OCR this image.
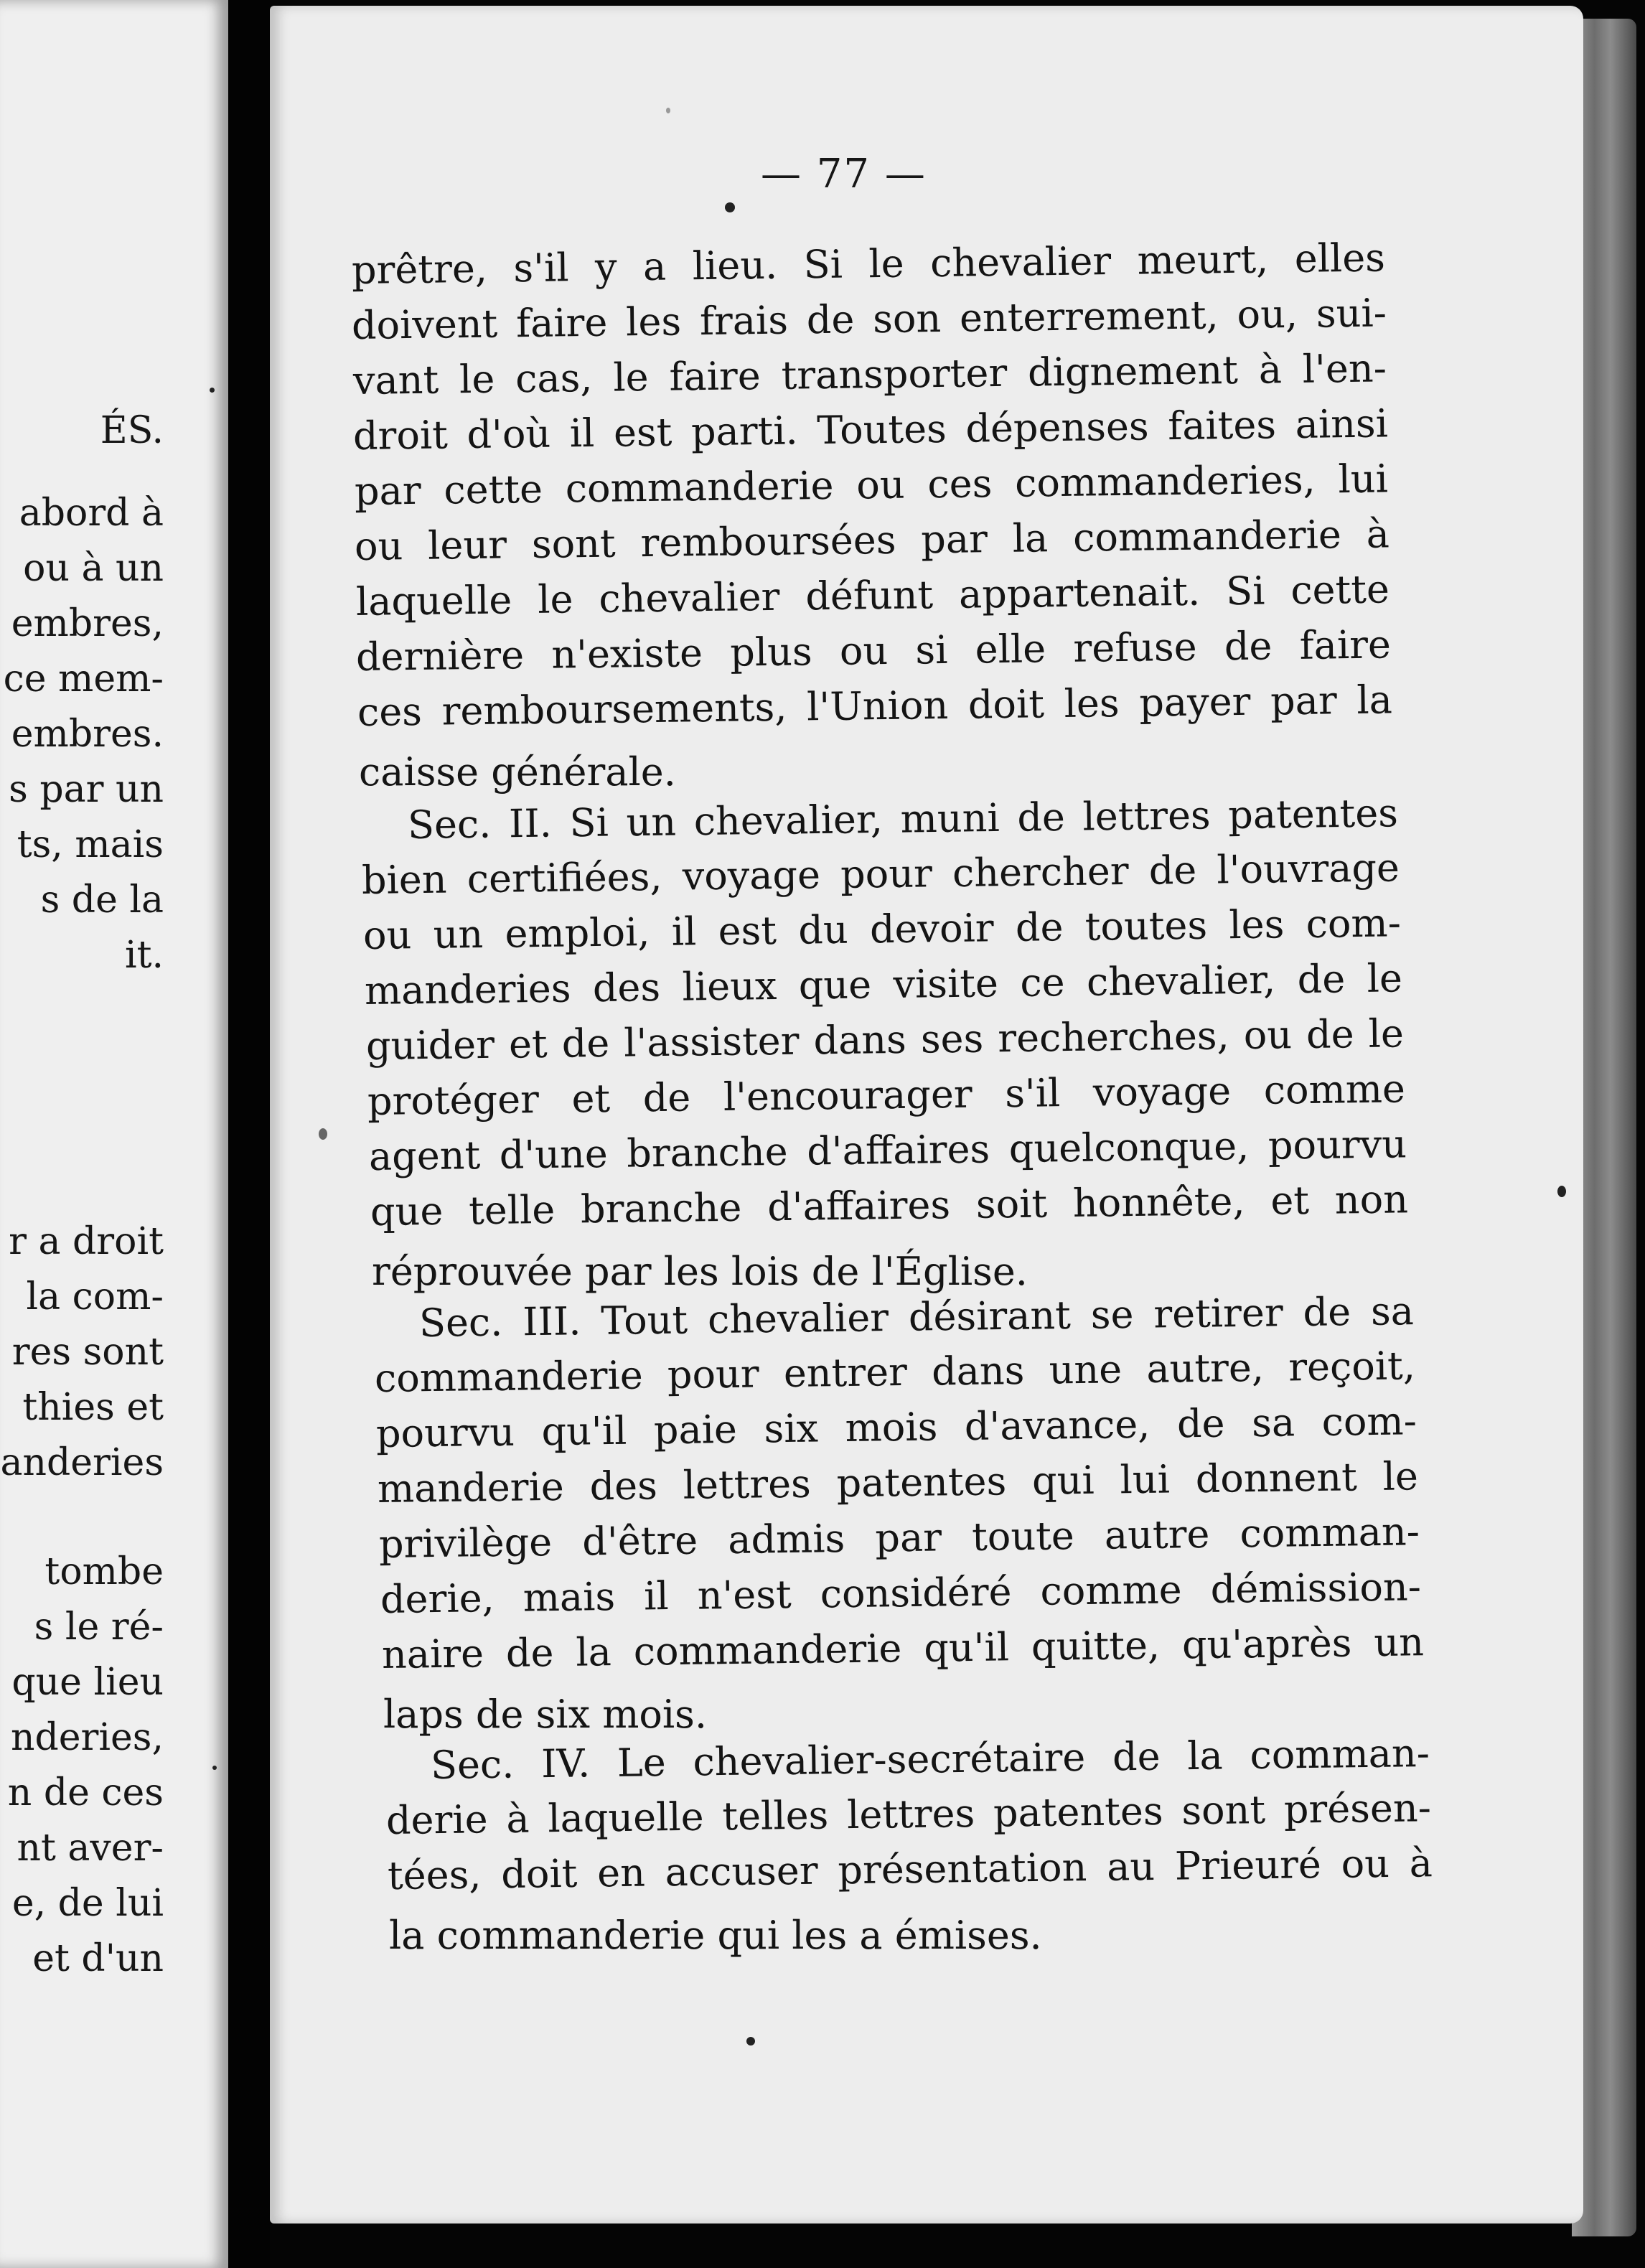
ÉS.
abord à
ou à un
embres,
ce mem-
embres.
s par un
ts, mais
s de la
it.
r a droit
la com-
res sont
thies et
anderies
tombe
s le ré-
que lieu
nderies,
n de ces
nt aver-
e, de lui
et d'un
— 77 —
prêtre, s'il y a lieu. Si le chevalier meurt, elles
doivent faire les frais de son enterrement, ou, sui-
vant le cas, le faire transporter dignement à l'en-
droit d'où il est parti. Toutes dépenses faites ainsi
par cette commanderie ou ces commanderies, lui
ou leur sont remboursées par la commanderie à
laquelle le chevalier défunt appartenait. Si cette
dernière n'existe plus ou si elle refuse de faire
ces remboursements, l'Union doit les payer par la
caisse générale.
Sec. II. Si un chevalier, muni de lettres patentes
bien certifiées, voyage pour chercher de l'ouvrage
ou un emploi, il est du devoir de toutes les com-
manderies des lieux que visite ce chevalier, de le
guider et de l'assister dans ses recherches, ou de le
protéger et de l'encourager s'il voyage comme
agent d'une branche d'affaires quelconque, pourvu
que telle branche d'affaires soit honnête, et non
réprouvée par les lois de l'Église.
Sec. III. Tout chevalier désirant se retirer de sa
commanderie pour entrer dans une autre, reçoit,
pourvu qu'il paie six mois d'avance, de sa com-
manderie des lettres patentes qui lui donnent le
privilège d'être admis par toute autre comman-
derie, mais il n'est considéré comme démission-
naire de la commanderie qu'il quitte, qu'après un
laps de six mois.
Sec. IV. Le chevalier-secrétaire de la comman-
derie à laquelle telles lettres patentes sont présen-
tées, doit en accuser présentation au Prieuré ou à
la commanderie qui les a émises.
